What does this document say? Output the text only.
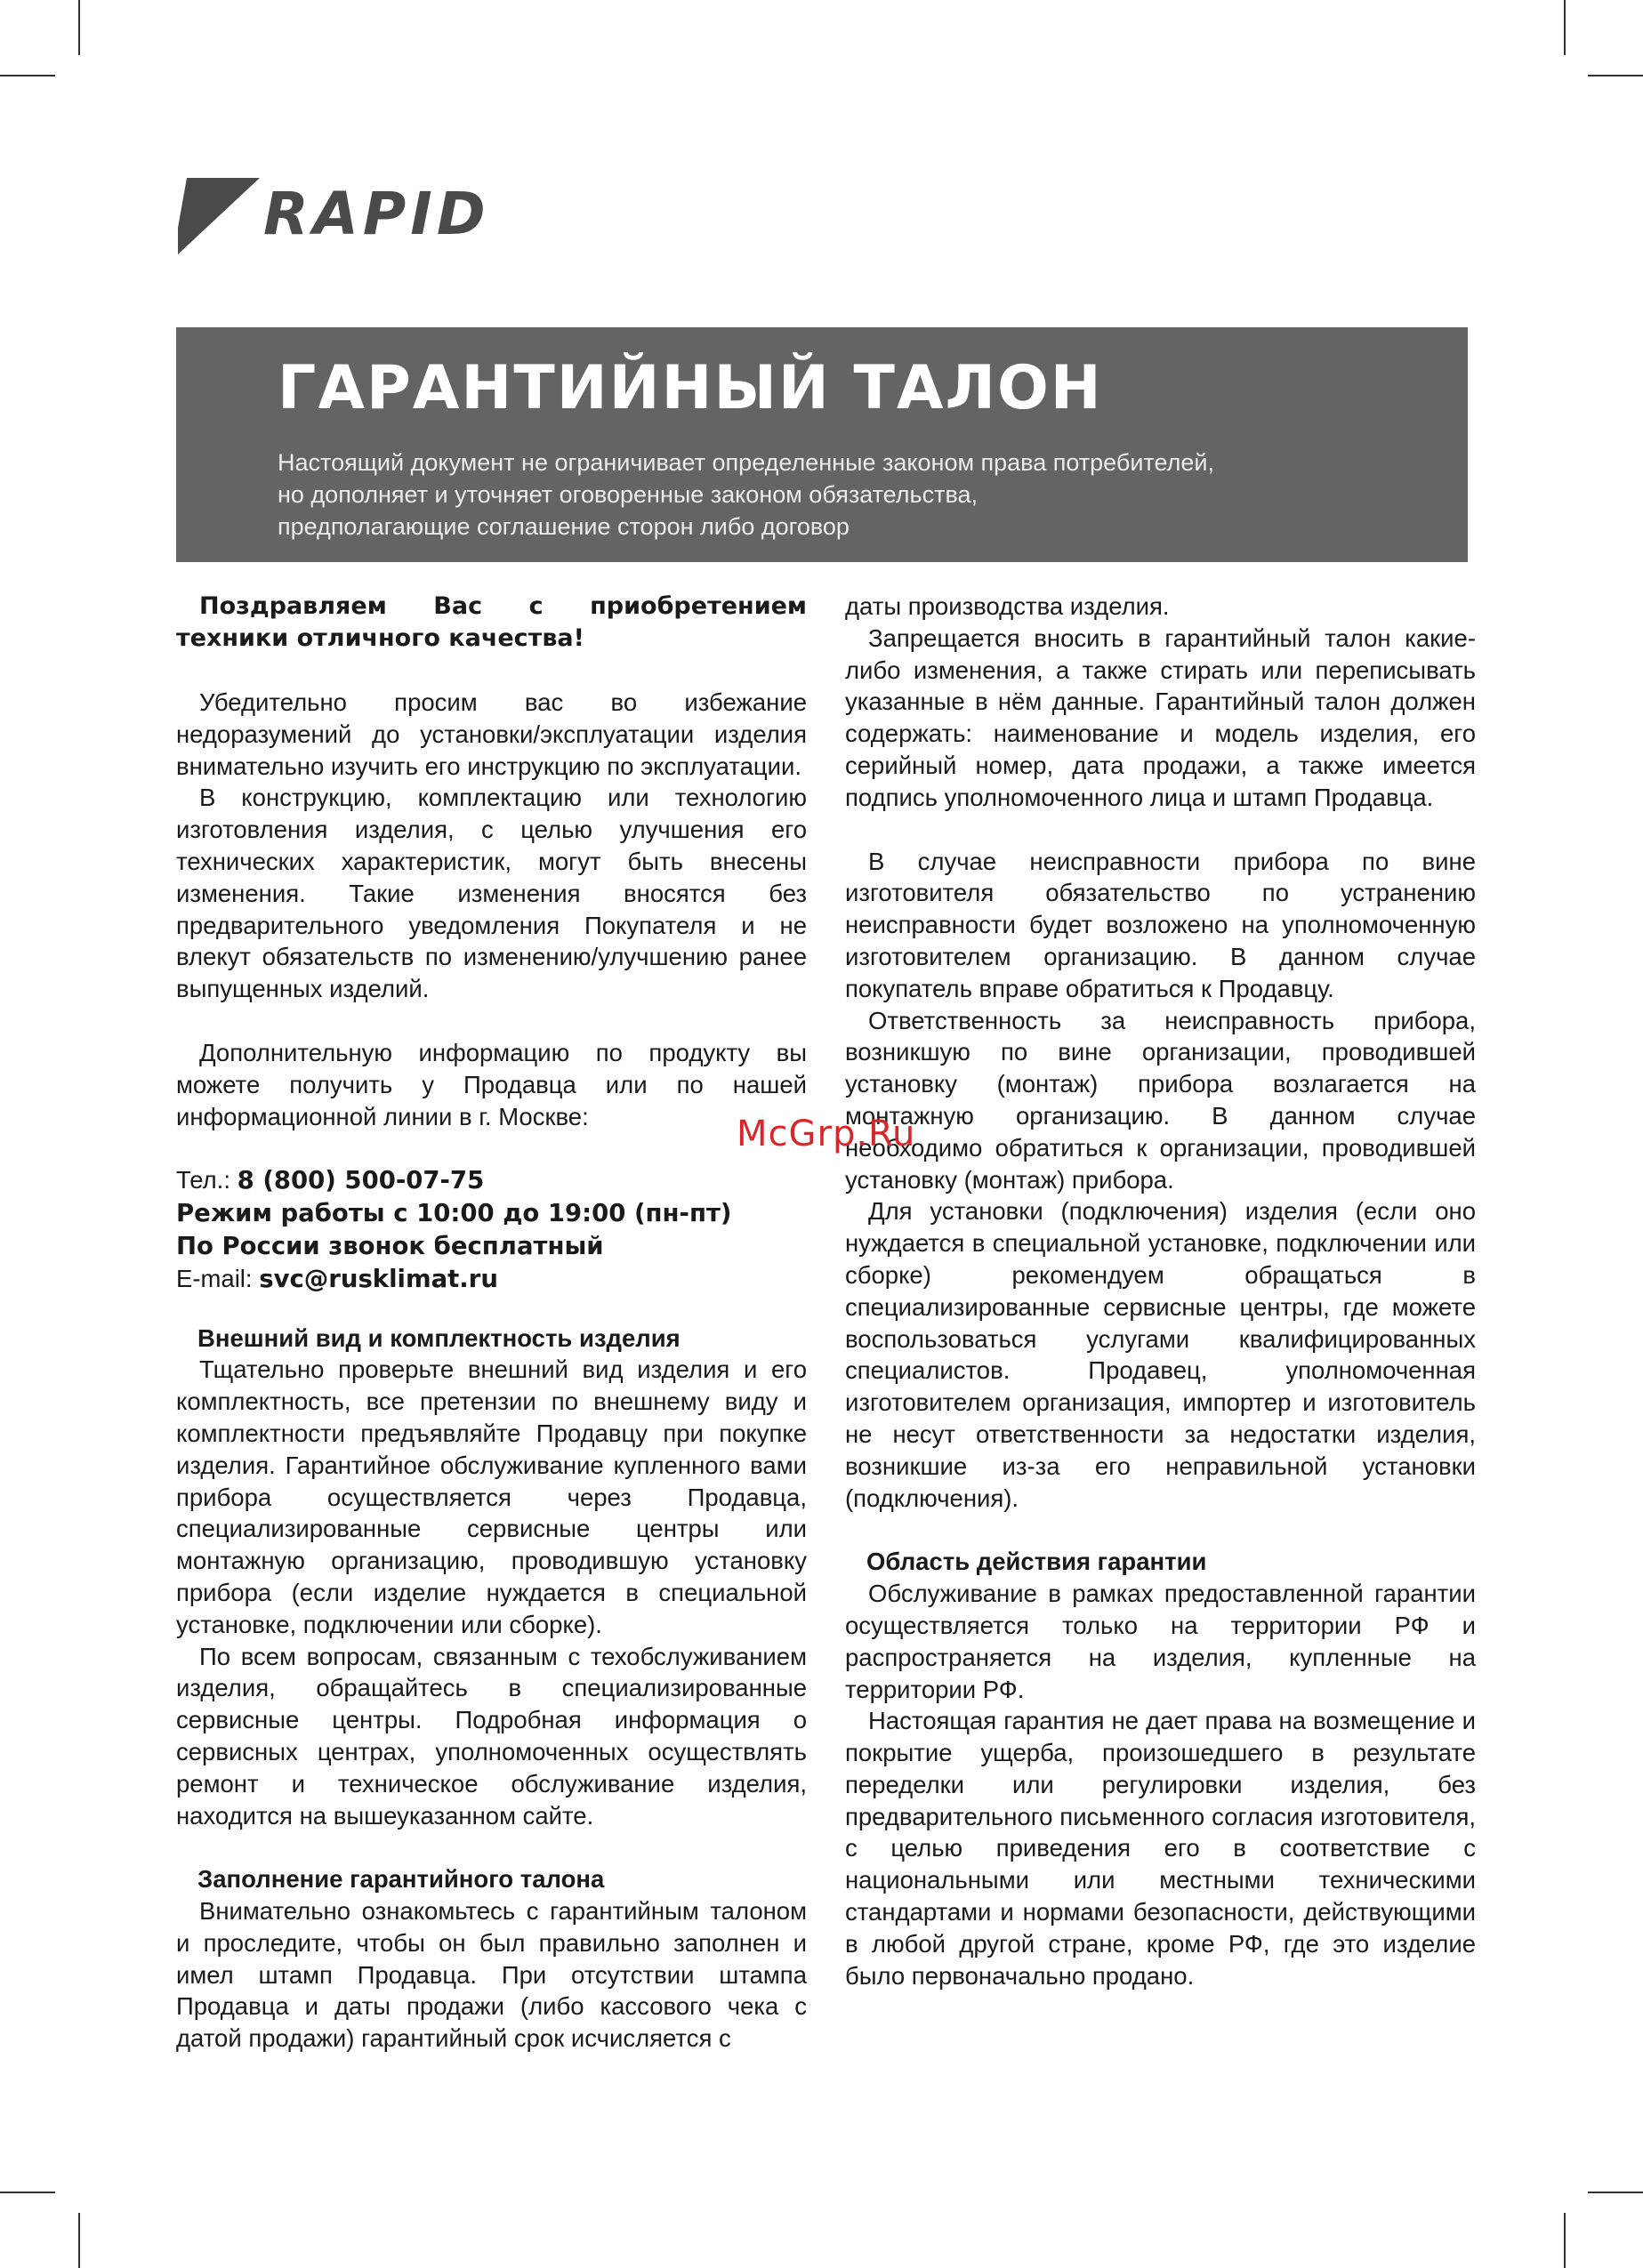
RAPID
ГАРАНТИЙНЫЙ ТАЛОН

Настоящий документ не ограничивает определенные законом права потребителей,
но дополняет и уточняет оговоренные законом обязательства,
предполагающие соглашение сторон либо договор

Поздравляем Вас с приобретением техники отличного качества!

Убедительно просим вас во избежание недоразумений до установки/эксплуатации изделия внимательно изучить его инструкцию по эксплуатации.

В конструкцию, комплектацию или технологию изготовления изделия, с целью улучшения его технических характеристик, могут быть внесены изменения. Такие изменения вносятся без предварительного уведомления Покупателя и не влекут обязательств по изменению/улучшению ранее выпущенных изделий.

Дополнительную информацию по продукту вы можете получить у Продавца или по нашей информационной линии в г. Москве:

Тел.: 8 (800) 500-07-75

Режим работы с 10:00 до 19:00 (пн-пт)

По России звонок бесплатный

E-mail: svc@rusklimat.ru

Внешний вид и комплектность изделия

Тщательно проверьте внешний вид изделия и его комплектность, все претензии по внешнему виду и комплектности предъявляйте Продавцу при покупке изделия. Гарантийное обслуживание купленного вами прибора осуществляется через Продавца, специализированные сервисные центры или монтажную организацию, проводившую установку прибора (если изделие нуждается в специальной установке, подключении или сборке).

По всем вопросам, связанным с техобслуживанием изделия, обращайтесь в специализированные сервисные центры. Подробная информация о сервисных центрах, уполномоченных осуществлять ремонт и техническое обслуживание изделия, находится на вышеуказанном сайте.

Заполнение гарантийного талона

Внимательно ознакомьтесь с гарантийным талоном и проследите, чтобы он был правильно заполнен и имел штамп Продавца. При отсутствии штампа Продавца и даты продажи (либо кассового чека с датой продажи) гарантийный срок исчисляется с

даты производства изделия.

Запрещается вносить в гарантийный талон какие-либо изменения, а также стирать или переписывать указанные в нём данные. Гарантийный талон должен содержать: наименование и модель изделия, его серийный номер, дата продажи, а также имеется подпись уполномоченного лица и штамп Продавца.

В случае неисправности прибора по вине изготовителя обязательство по устранению неисправности будет возложено на уполномоченную изготовителем организацию. В данном случае покупатель вправе обратиться к Продавцу.

Ответственность за неисправность прибора, возникшую по вине организации, проводившей установку (монтаж) прибора возлагается на монтажную организацию. В данном случае необходимо обратиться к организации, проводившей установку (монтаж) прибора.

Для установки (подключения) изделия (если оно нуждается в специальной установке, подключении или сборке) рекомендуем обращаться в специализированные сервисные центры, где можете воспользоваться услугами квалифицированных специалистов. Продавец, уполномоченная изготовителем организация, импортер и изготовитель не несут ответственности за недостатки изделия, возникшие из-за его неправильной установки (подключения).

Область действия гарантии

Обслуживание в рамках предоставленной гарантии осуществляется только на территории РФ и распространяется на изделия, купленные на территории РФ.

Настоящая гарантия не дает права на возмещение и покрытие ущерба, произошедшего в результате переделки или регулировки изделия, без предварительного письменного согласия изготовителя, с целью приведения его в соответствие с национальными или местными техническими стандартами и нормами безопасности, действующими в любой другой стране, кроме РФ, где это изделие было первоначально продано.

McGrp.Ru
